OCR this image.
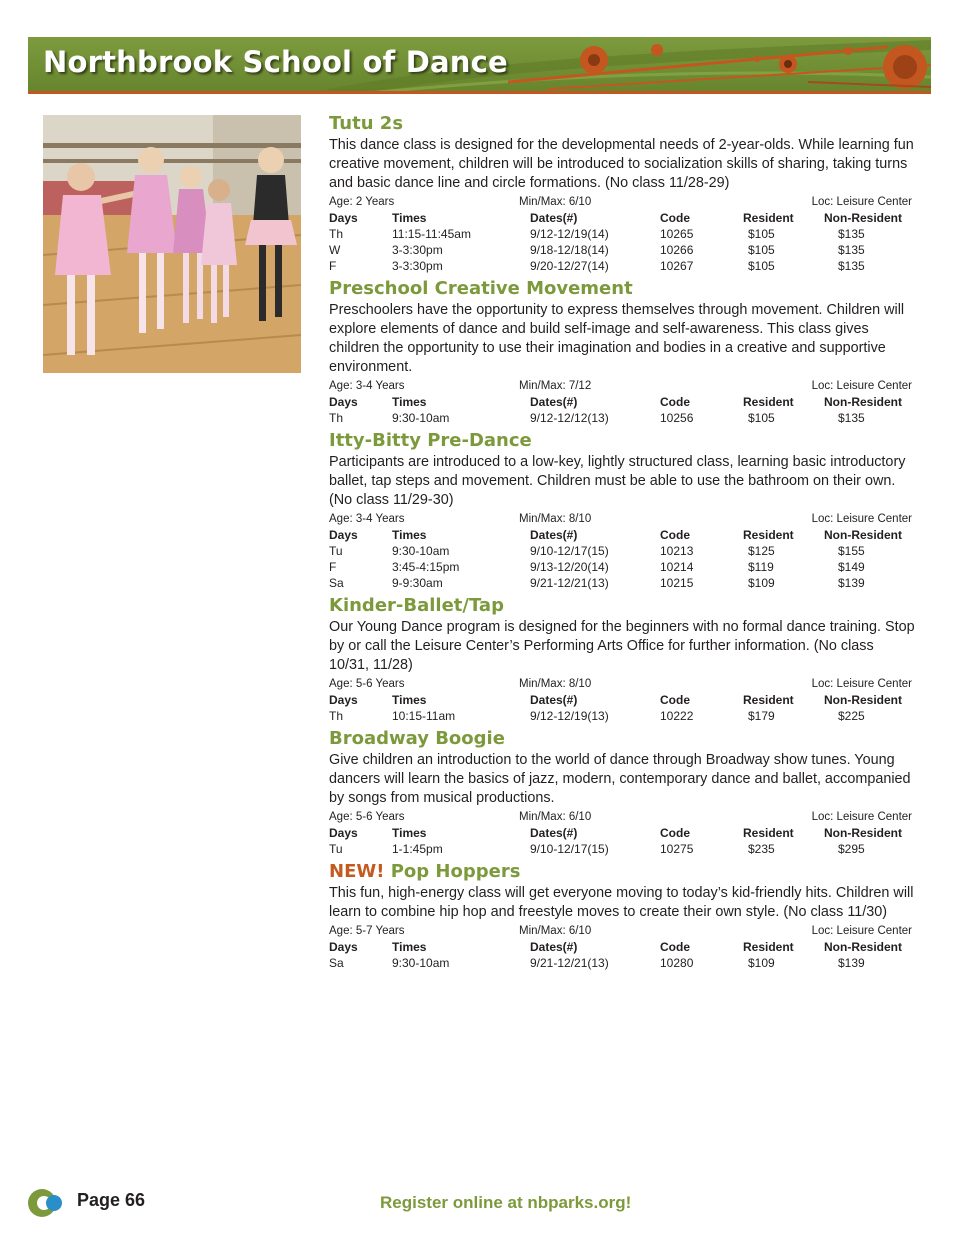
Northbrook School of Dance
Tutu 2s

This dance class is designed for the developmental needs of 2-year-olds. While learning fun creative movement, children will be introduced to socialization skills of sharing, taking turns and basic dance line and circle formations. (No class 11/28-29)

Age: 2 Years	Min/Max: 6/10	Loc: Leisure Center
Days	Times	Dates(#)	Code	Resident	Non-Resident
Th	11:15-11:45am	9/12-12/19(14)	10265	$105	$135
W	3-3:30pm	9/18-12/18(14)	10266	$105	$135
F	3-3:30pm	9/20-12/27(14)	10267	$105	$135
Preschool Creative Movement

Preschoolers have the opportunity to express themselves through movement. Children will explore elements of dance and build self-image and self-awareness. This class gives children the opportunity to use their imagination and bodies in a creative and supportive environment.

Age: 3-4 Years	Min/Max: 7/12	Loc: Leisure Center
Days	Times	Dates(#)	Code	Resident	Non-Resident
Th	9:30-10am	9/12-12/12(13)	10256	$105	$135
Itty-Bitty Pre-Dance

Participants are introduced to a low-key, lightly structured class, learning basic introductory ballet, tap steps and movement. Children must be able to use the bathroom on their own. (No class 11/29-30)

Age: 3-4 Years	Min/Max: 8/10	Loc: Leisure Center
Days	Times	Dates(#)	Code	Resident	Non-Resident
Tu	9:30-10am	9/10-12/17(15)	10213	$125	$155
F	3:45-4:15pm	9/13-12/20(14)	10214	$119	$149
Sa	9-9:30am	9/21-12/21(13)	10215	$109	$139
Kinder-Ballet/Tap

Our Young Dance program is designed for the beginners with no formal dance training. Stop by or call the Leisure Center’s Performing Arts Office for further information. (No class 10/31, 11/28)

Age: 5-6 Years	Min/Max: 8/10	Loc: Leisure Center
Days	Times	Dates(#)	Code	Resident	Non-Resident
Th	10:15-11am	9/12-12/19(13)	10222	$179	$225
Broadway Boogie

Give children an introduction to the world of dance through Broadway show tunes. Young dancers will learn the basics of jazz, modern, contemporary dance and ballet, accompanied by songs from musical productions.

Age: 5-6 Years	Min/Max: 6/10	Loc: Leisure Center
Days	Times	Dates(#)	Code	Resident	Non-Resident
Tu	1-1:45pm	9/10-12/17(15)	10275	$235	$295
NEW! Pop Hoppers

This fun, high-energy class will get everyone moving to today’s kid-friendly hits. Children will learn to combine hip hop and freestyle moves to create their own style. (No class 11/30)

Age: 5-7 Years	Min/Max: 6/10	Loc: Leisure Center
Days	Times	Dates(#)	Code	Resident	Non-Resident
Sa	9:30-10am	9/21-12/21(13)	10280	$109	$139
Page 66	Register online at nbparks.org!
